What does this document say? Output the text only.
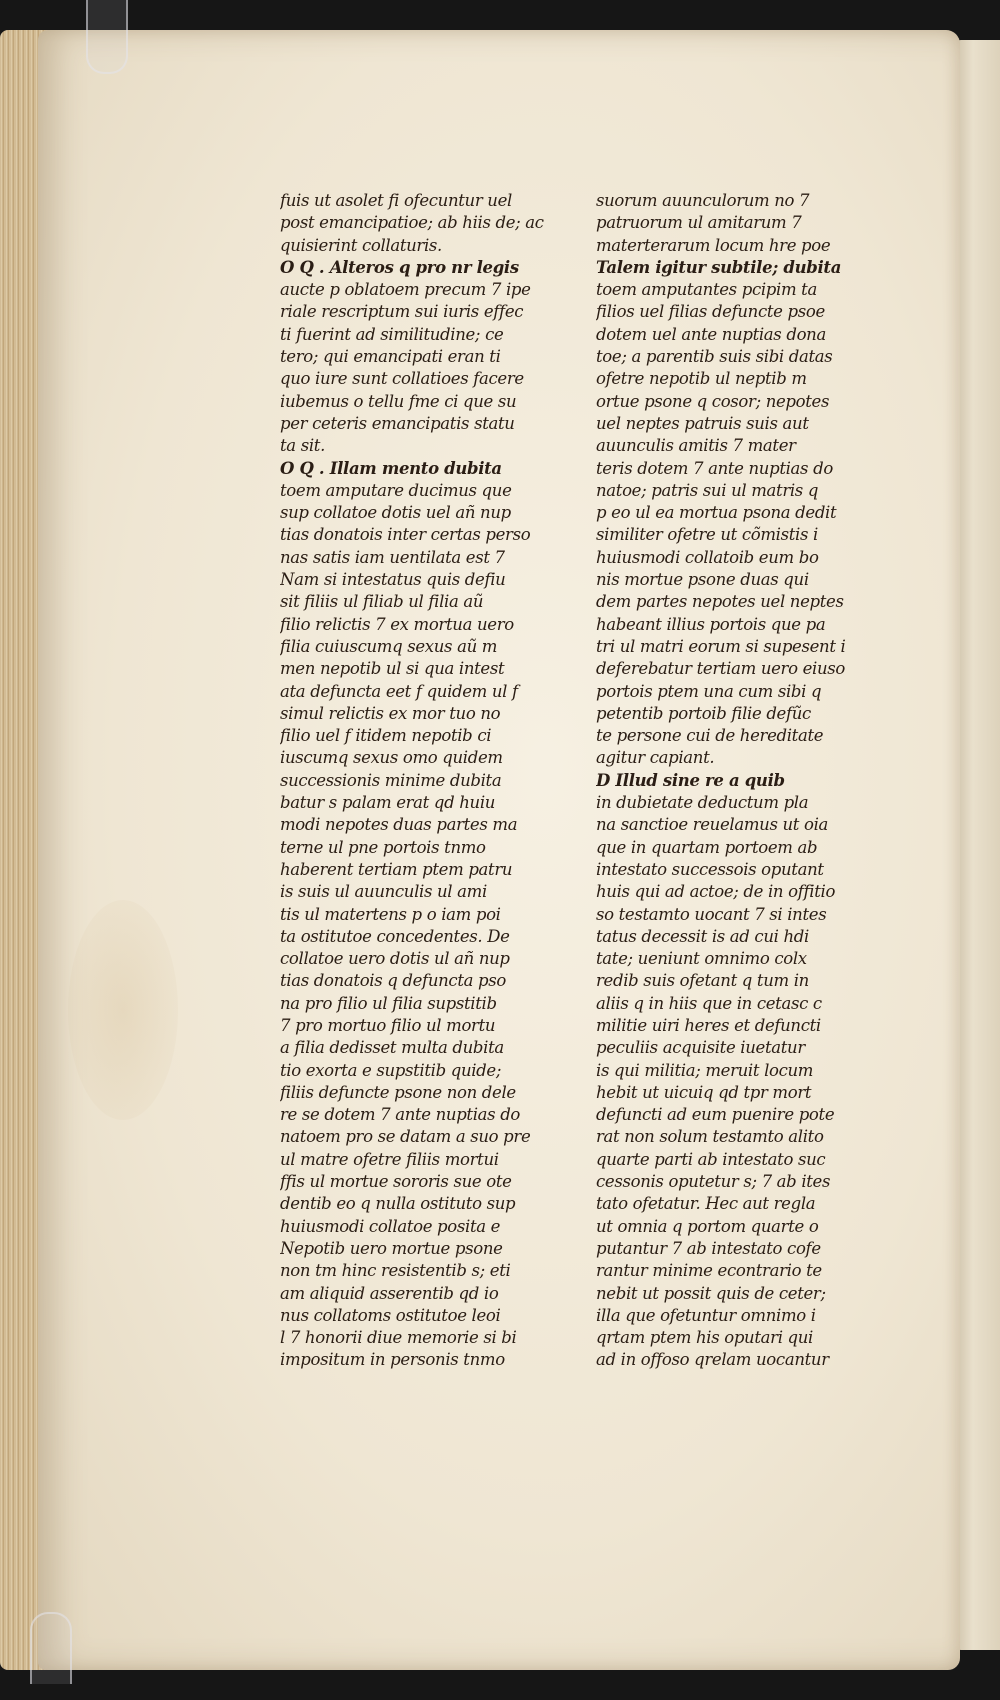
fuis ut asolet fi ofecuntur uel
post emancipatioe; ab hiis de; ac
quisierint collaturis.
O Q . Alteros q pro nr legis
aucte p oblatoem precum 7 ipe
riale rescriptum sui iuris effec
ti fuerint ad similitudine; ce
tero; qui emancipati eran ti
quo iure sunt collatioes facere
iubemus o tellu fme ci que su
per ceteris emancipatis statu
ta sit.
O Q . Illam mento dubita
toem amputare ducimus que
sup collatoe dotis uel añ nup
tias donatois inter certas perso
nas satis iam uentilata est 7
Nam si intestatus quis defiu
sit filiis ul filiab ul filia aũ
filio relictis 7 ex mortua uero
filia cuiuscumq sexus aũ m
men nepotib ul si qua intest
ata defuncta eet f quidem ul f
simul relictis ex mor tuo no
filio uel f itidem nepotib ci
iuscumq sexus omo quidem
successionis minime dubita
batur s palam erat qd huiu
modi nepotes duas partes ma
terne ul pne portois tnmo
haberent tertiam ptem patru
is suis ul auunculis ul ami
tis ul matertens p o iam poi
ta ostitutoe concedentes. De
collatoe uero dotis ul añ nup
tias donatois q defuncta pso
na pro filio ul filia supstitib
7 pro mortuo filio ul mortu
a filia dedisset multa dubita
tio exorta e supstitib quide;
filiis defuncte psone non dele
re se dotem 7 ante nuptias do
natoem pro se datam a suo pre
ul matre ofetre filiis mortui
ffis ul mortue sororis sue ote
dentib eo q nulla ostituto sup
huiusmodi collatoe posita e
Nepotib uero mortue psone
non tm hinc resistentib s; eti
am aliquid asserentib qd io
nus collatoms ostitutoe leoi
l 7 honorii diue memorie si bi
impositum in personis tnmo
suorum auunculorum no 7
patruorum ul amitarum 7
materterarum locum hre poe
Talem igitur subtile; dubita
toem amputantes pcipim ta
filios uel filias defuncte psoe
dotem uel ante nuptias dona
toe; a parentib suis sibi datas
ofetre nepotib ul neptib m
ortue psone q cosor; nepotes
uel neptes patruis suis aut
auunculis amitis 7 mater
teris dotem 7 ante nuptias do
natoe; patris sui ul matris q
p eo ul ea mortua psona dedit
similiter ofetre ut cõmistis i
huiusmodi collatoib eum bo
nis mortue psone duas qui
dem partes nepotes uel neptes
habeant illius portois que pa
tri ul matri eorum si supesent i
deferebatur tertiam uero eiuso
portois ptem una cum sibi q
petentib portoib filie defũc
te persone cui de hereditate
agitur capiant.
D Illud sine re a quib
in dubietate deductum pla
na sanctioe reuelamus ut oia
que in quartam portoem ab
intestato successois oputant
huis qui ad actoe; de in offitio
so testamto uocant 7 si intes
tatus decessit is ad cui hdi
tate; ueniunt omnimo colx
redib suis ofetant q tum in
aliis q in hiis que in cetasc c
militie uiri heres et defuncti
peculiis acquisite iuetatur
is qui militia; meruit locum
hebit ut uicuiq qd tpr mort
defuncti ad eum puenire pote
rat non solum testamto alito
quarte parti ab intestato suc
cessonis oputetur s; 7 ab ites
tato ofetatur. Hec aut regla
ut omnia q portom quarte o
putantur 7 ab intestato cofe
rantur minime econtrario te
nebit ut possit quis de ceter;
illa que ofetuntur omnimo i
qrtam ptem his oputari qui
ad in offoso qrelam uocantur
